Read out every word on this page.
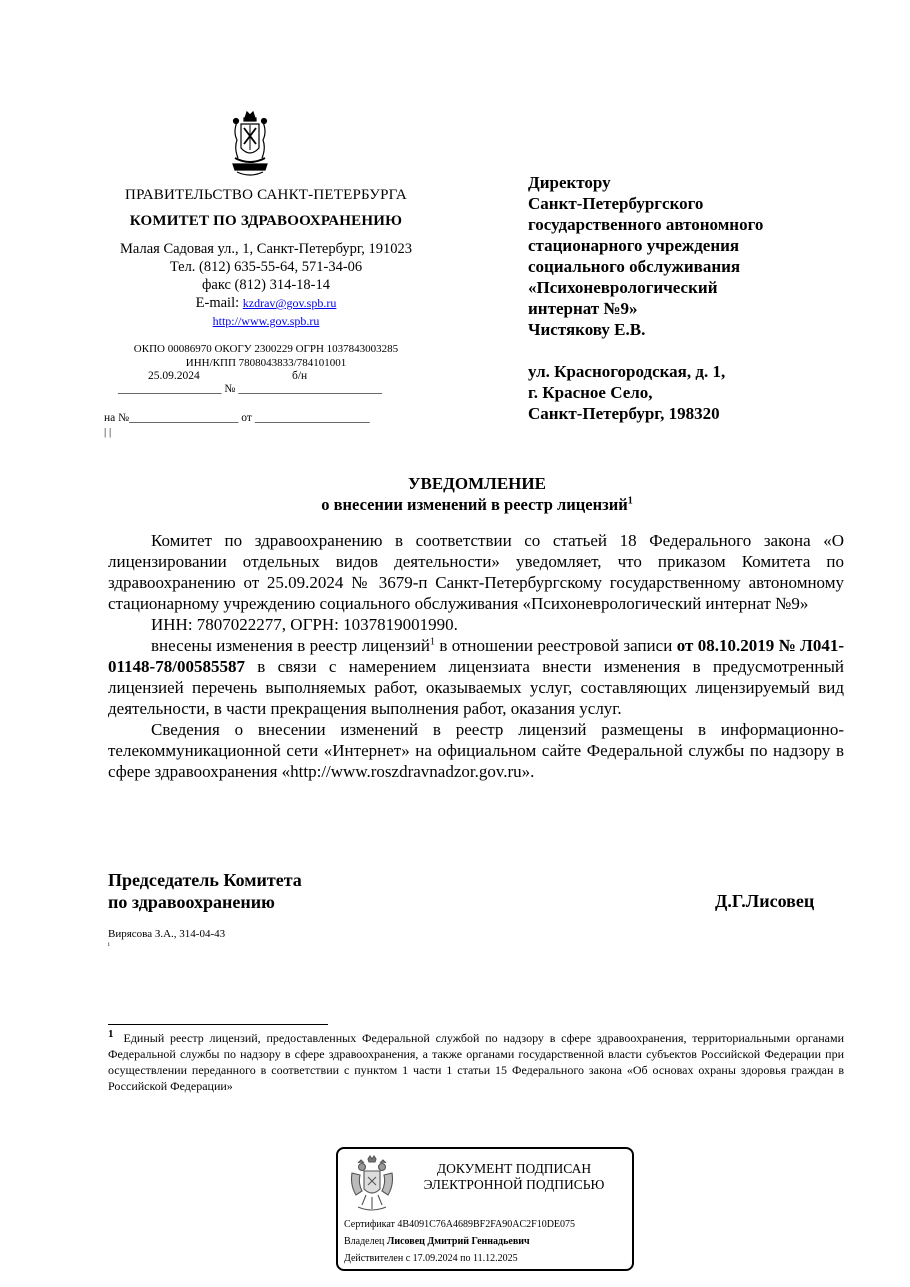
ПРАВИТЕЛЬСТВО САНКТ-ПЕТЕРБУРГА
КОМИТЕТ ПО ЗДРАВООХРАНЕНИЮ
Малая Садовая ул., 1, Санкт-Петербург, 191023
Тел. (812) 635-55-64, 571-34-06
факс (812) 314-18-14
E-mail: kzdrav@gov.spb.ru
http://www.gov.spb.ru
ОКПО 00086970 ОКОГУ 2300229 ОГРН 1037843003285
ИНН/КПП 7808043833/784101001
25.09.2024	б/н
__________________ № _________________________
на №___________________ от ____________________
| |
Директору
Санкт-Петербургского
государственного автономного
стационарного учреждения
социального обслуживания
«Психоневрологический
интернат №9»
Чистякову Е.В.
ул. Красногородская, д. 1,
г. Красное Село,
Санкт-Петербург, 198320
УВЕДОМЛЕНИЕ
о внесении изменений в реестр лицензий$^1$

Комитет по здравоохранению в соответствии со статьей 18 Федерального закона «О лицензировании отдельных видов деятельности» уведомляет, что приказом Комитета по здравоохранению от 25.09.2024 № 3679-п Санкт-Петербургскому государственному автономному стационарному учреждению социального обслуживания «Психоневрологический интернат №9»

ИНН: 7807022277, ОГРН: 1037819001990.

внесены изменения в реестр лицензий$^1$ в отношении реестровой записи от 08.10.2019 № Л041-01148-78/00585587 в связи с намерением лицензиата внести изменения в предусмотренный лицензией перечень выполняемых работ, оказываемых услуг, составляющих лицензируемый вид деятельности, в части прекращения выполнения работ, оказания услуг.

Сведения о внесении изменений в реестр лицензий размещены в информационно-телекоммуникационной сети «Интернет» на официальном сайте Федеральной службы по надзору в сфере здравоохранения «http://www.roszdravnadzor.gov.ru».

Председатель Комитета
по здравоохранению	Д.Г.Лисовец
Вирясова З.А., 314-04-43
i
1 Единый реестр лицензий, предоставленных Федеральной службой по надзору в сфере здравоохранения, территориальными органами Федеральной службы по надзору в сфере здравоохранения, а также органами государственной власти субъектов Российской Федерации при осуществлении переданного в соответствии с пунктом 1 части 1 статьи 15 Федерального закона «Об основах охраны здоровья граждан в Российской Федерации»
ДОКУМЕНТ ПОДПИСАН
ЭЛЕКТРОННОЙ ПОДПИСЬЮ
Сертификат 4B4091C76A4689BF2FA90AC2F10DE075
Владелец Лисовец Дмитрий Геннадьевич
Действителен с 17.09.2024 по 11.12.2025
